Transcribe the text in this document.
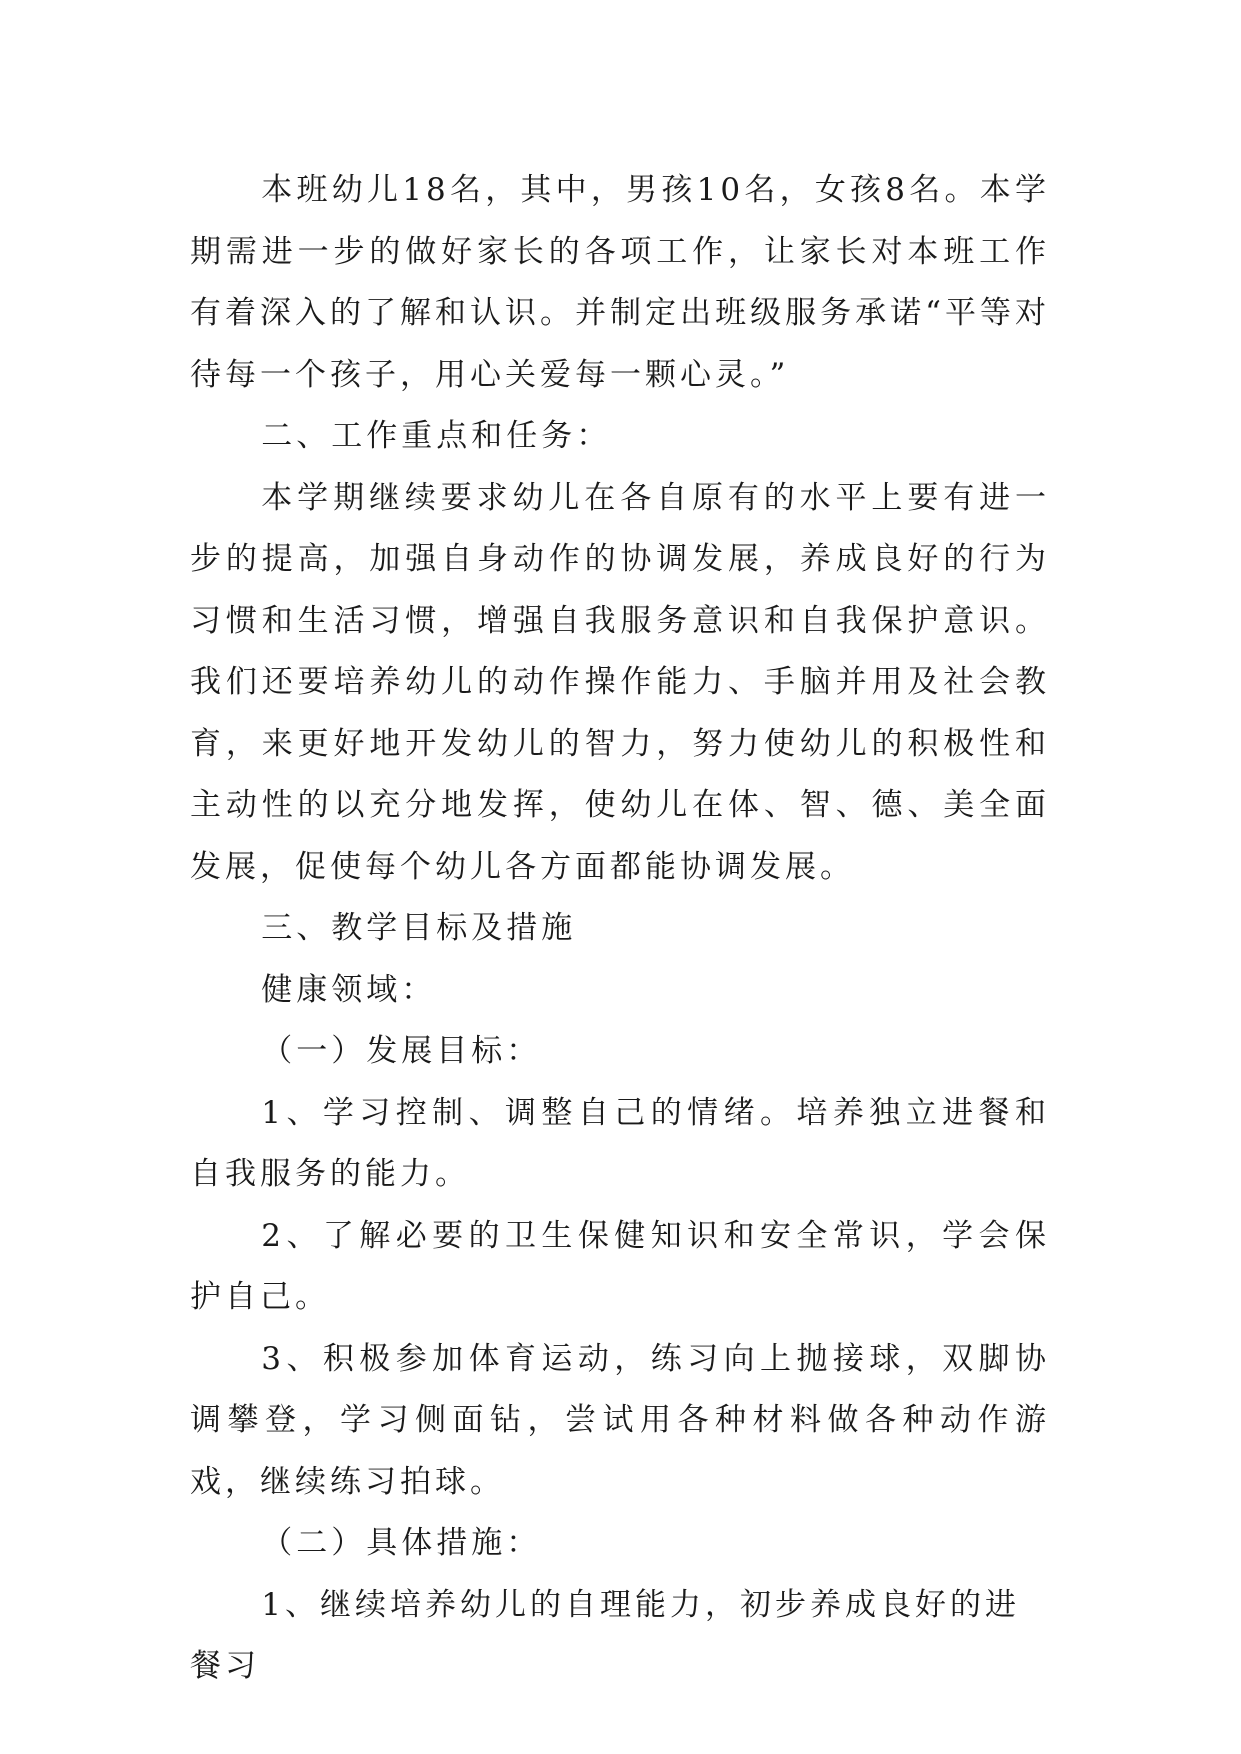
本班幼儿18名，其中，男孩10名，女孩8名。本学期需进一步的做好家长的各项工作，让家长对本班工作有着深入的了解和认识。并制定出班级服务承诺“平等对待每一个孩子，用心关爱每一颗心灵。”

二、工作重点和任务：

本学期继续要求幼儿在各自原有的水平上要有进一步的提高，加强自身动作的协调发展，养成良好的行为习惯和生活习惯，增强自我服务意识和自我保护意识。我们还要培养幼儿的动作操作能力、手脑并用及社会教育，来更好地开发幼儿的智力，努力使幼儿的积极性和主动性的以充分地发挥，使幼儿在体、智、德、美全面发展，促使每个幼儿各方面都能协调发展。

三、教学目标及措施

健康领域：

（一）发展目标：

1、学习控制、调整自己的情绪。培养独立进餐和自我服务的能力。

2、了解必要的卫生保健知识和安全常识，学会保护自己。

3、积极参加体育运动，练习向上抛接球，双脚协调攀登，学习侧面钻，尝试用各种材料做各种动作游戏，继续练习拍球。

（二）具体措施：

1、继续培养幼儿的自理能力，初步养成良好的进餐习
